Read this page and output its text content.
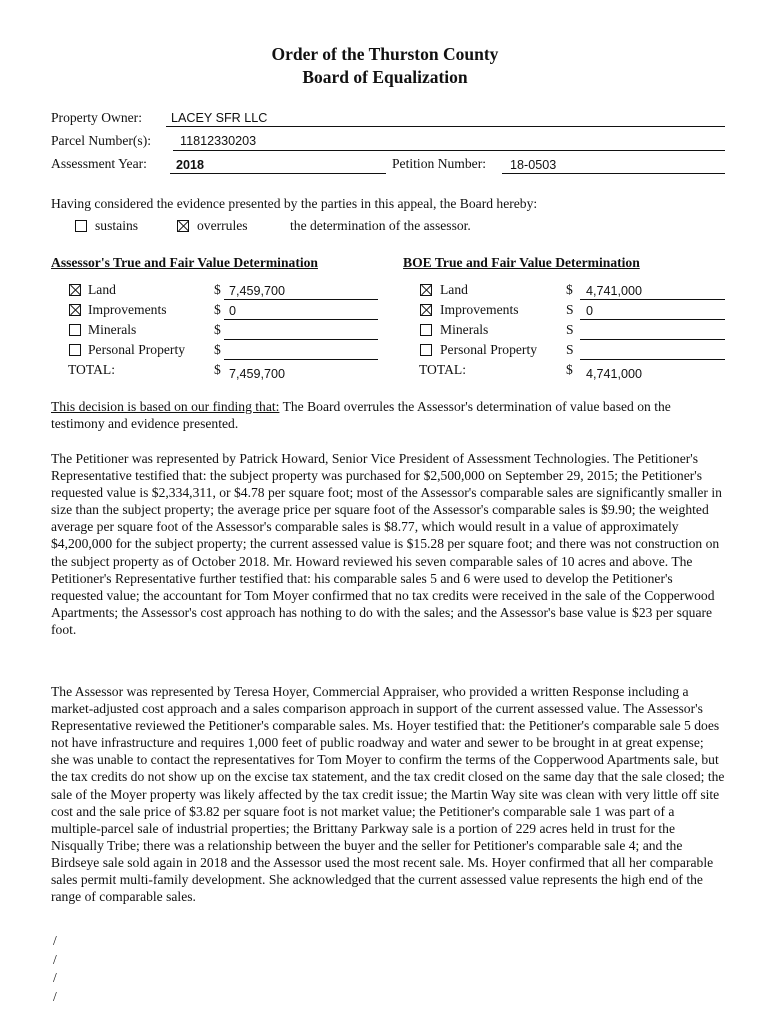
Order of the Thurston County
Board of Equalization
Property Owner: LACEY SFR LLC
Parcel Number(s): 11812330203
Assessment Year: 2018	Petition Number: 18-0503
Having considered the evidence presented by the parties in this appeal, the Board hereby:
sustains	overrules	the determination of the assessor.
Assessor's True and Fair Value Determination
Land	$ 7,459,700
Improvements	$ 0
Minerals	$
Personal Property $
TOTAL:	$ 7,459,700
BOE True and Fair Value Determination
Land	$ 4,741,000
Improvements	S 0
Minerals	S
Personal Property S
TOTAL:	$ 4,741,000
This decision is based on our finding that: The Board overrules the Assessor's determination of value based on the testimony and evidence presented.
The Petitioner was represented by Patrick Howard, Senior Vice President of Assessment Technologies. The Petitioner's Representative testified that: the subject property was purchased for $2,500,000 on September 29, 2015; the Petitioner's requested value is $2,334,311, or $4.78 per square foot; most of the Assessor's comparable sales are significantly smaller in size than the subject property; the average price per square foot of the Assessor's comparable sales is $9.90; the weighted average per square foot of the Assessor's comparable sales is $8.77, which would result in a value of approximately $4,200,000 for the subject property; the current assessed value is $15.28 per square foot; and there was not construction on the subject property as of October 2018. Mr. Howard reviewed his seven comparable sales of 10 acres and above. The Petitioner's Representative further testified that: his comparable sales 5 and 6 were used to develop the Petitioner's requested value; the accountant for Tom Moyer confirmed that no tax credits were received in the sale of the Copperwood Apartments; the Assessor's cost approach has nothing to do with the sales; and the Assessor's base value is $23 per square foot.
The Assessor was represented by Teresa Hoyer, Commercial Appraiser, who provided a written Response including a market-adjusted cost approach and a sales comparison approach in support of the current assessed value. The Assessor's Representative reviewed the Petitioner's comparable sales. Ms. Hoyer testified that: the Petitioner's comparable sale 5 does not have infrastructure and requires 1,000 feet of public roadway and water and sewer to be brought in at great expense; she was unable to contact the representatives for Tom Moyer to confirm the terms of the Copperwood Apartments sale, but the tax credits do not show up on the excise tax statement, and the tax credit closed on the same day that the sale closed; the sale of the Moyer property was likely affected by the tax credit issue; the Martin Way site was clean with very little off site cost and the sale price of $3.82 per square foot is not market value; the Petitioner's comparable sale 1 was part of a multiple-parcel sale of industrial properties; the Brittany Parkway sale is a portion of 229 acres held in trust for the Nisqually Tribe; there was a relationship between the buyer and the seller for Petitioner's comparable sale 4; and the Birdseye sale sold again in 2018 and the Assessor used the most recent sale. Ms. Hoyer confirmed that all her comparable sales permit multi-family development. She acknowledged that the current assessed value represents the high end of the range of comparable sales.
/
/
/
/
